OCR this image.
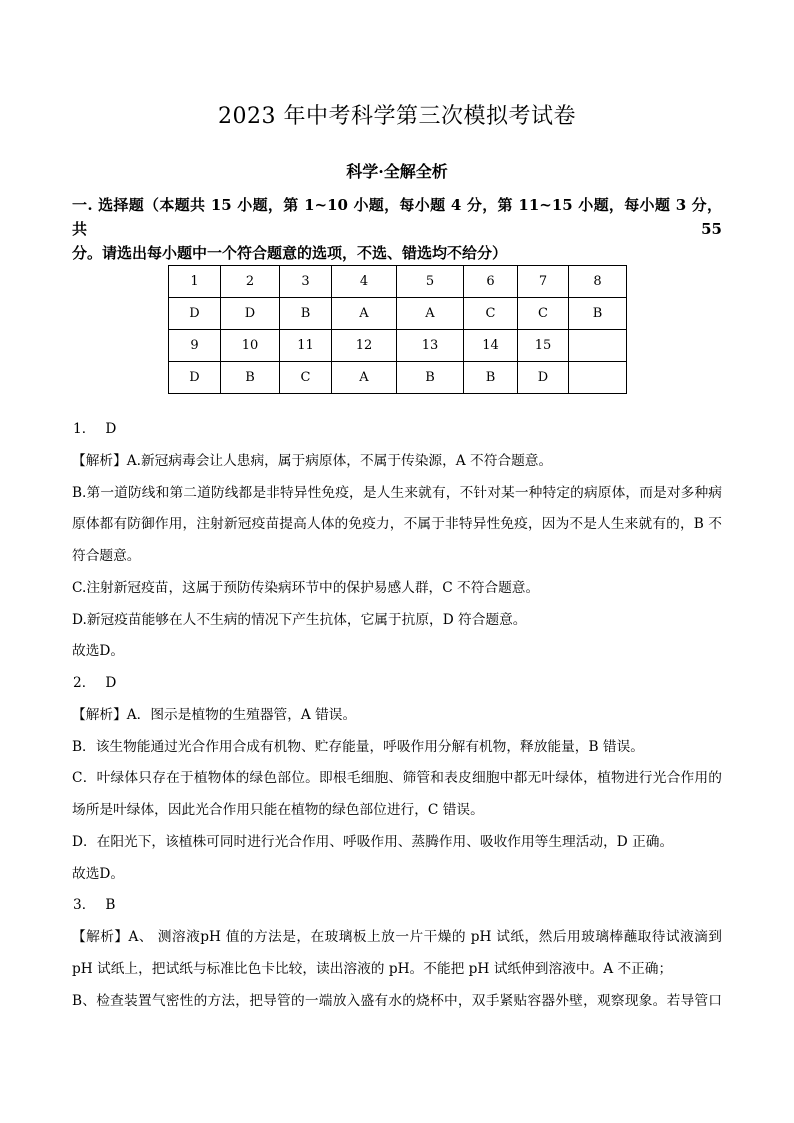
2023 年中考科学第三次模拟考试卷
科学·全解全析
一. 选择题（本题共 15 小题，第 1~10 小题，每小题 4 分，第 11~15 小题，每小题 3 分，共 55
分。请选出每小题中一个符合题意的选项，不选、错选均不给分）
1	2	3	4	5	6	7	8
D	D	B	A	A	C	C	B
9	10	11	12	13	14	15	
D	B	C	A	B	B	D	
1． D
【解析】A.新冠病毒会让人患病，属于病原体，不属于传染源，A 不符合题意。
B.第一道防线和第二道防线都是非特异性免疫，是人生来就有，不针对某一种特定的病原体，而是对多种病
原体都有防御作用，注射新冠疫苗提高人体的免疫力，不属于非特异性免疫，因为不是人生来就有的，B 不
符合题意。
C.注射新冠疫苗，这属于预防传染病环节中的保护易感人群，C 不符合题意。
D.新冠疫苗能够在人不生病的情况下产生抗体，它属于抗原，D 符合题意。
故选D。
2． D
【解析】A．图示是植物的生殖器管，A 错误。
B．该生物能通过光合作用合成有机物、贮存能量，呼吸作用分解有机物，释放能量，B 错误。
C．叶绿体只存在于植物体的绿色部位。即根毛细胞、筛管和表皮细胞中都无叶绿体，植物进行光合作用的
场所是叶绿体，因此光合作用只能在植物的绿色部位进行，C 错误。
D．在阳光下，该植株可同时进行光合作用、呼吸作用、蒸腾作用、吸收作用等生理活动，D 正确。
故选D。
3． B
【解析】A、 测溶液pH 值的方法是，在玻璃板上放一片干燥的 pH 试纸，然后用玻璃棒蘸取待试液滴到
pH 试纸上，把试纸与标准比色卡比较，读出溶液的 pH。不能把 pH 试纸伸到溶液中。A 不正确；
B、检查装置气密性的方法，把导管的一端放入盛有水的烧杯中，双手紧贴容器外壁，观察现象。若导管口
